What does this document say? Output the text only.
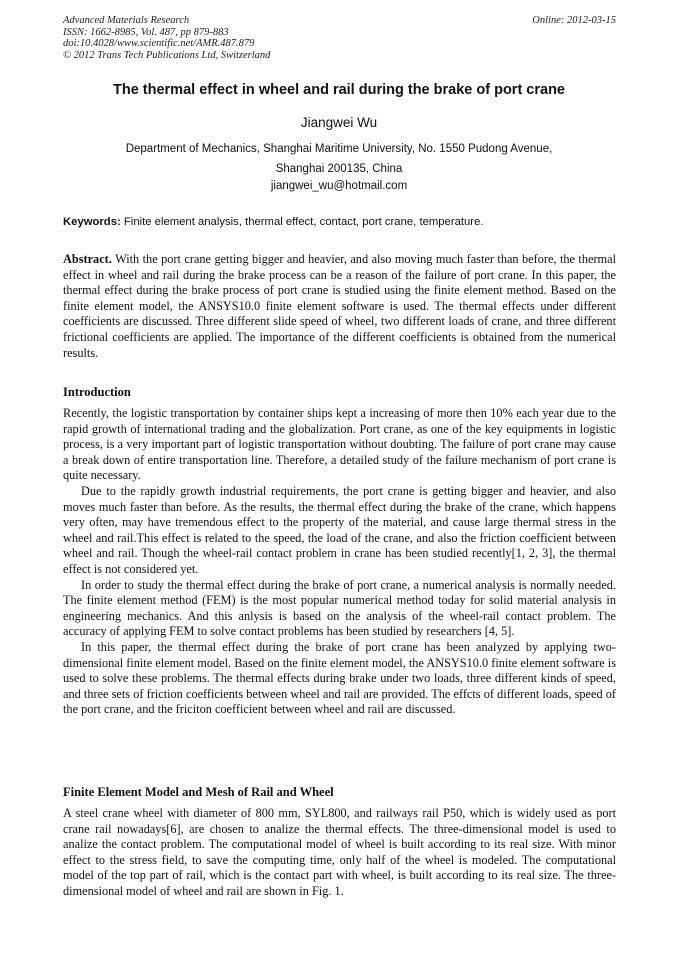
Advanced Materials Research
ISSN: 1662-8985, Vol. 487, pp 879-883
doi:10.4028/www.scientific.net/AMR.487.879
© 2012 Trans Tech Publications Ltd, Switzerland
Online: 2012-03-15
The thermal effect in wheel and rail during the brake of port crane
Jiangwei Wu
Department of Mechanics, Shanghai Maritime University, No. 1550 Pudong Avenue,
Shanghai 200135, China
jiangwei_wu@hotmail.com
Keywords: Finite element analysis, thermal effect, contact, port crane, temperature.
Abstract. With the port crane getting bigger and heavier, and also moving much faster than before, the thermal effect in wheel and rail during the brake process can be a reason of the failure of port crane. In this paper, the thermal effect during the brake process of port crane is studied using the finite element method. Based on the finite element model, the ANSYS10.0 finite element software is used. The thermal effects under different coefficients are discussed. Three different slide speed of wheel, two different loads of crane, and three different frictional coefficients are applied. The importance of the different coefficients is obtained from the numerical results.
Introduction

Recently, the logistic transportation by container ships kept a increasing of more then 10% each year due to the rapid growth of international trading and the globalization. Port crane, as one of the key equipments in logistic process, is a very important part of logistic transportation without doubting. The failure of port crane may cause a break down of entire transportation line. Therefore, a detailed study of the failure mechanism of port crane is quite necessary.

Due to the rapidly growth industrial requirements, the port crane is getting bigger and heavier, and also moves much faster than before. As the results, the thermal effect during the brake of the crane, which happens very often, may have tremendous effect to the property of the material, and cause large thermal stress in the wheel and rail.This effect is related to the speed, the load of the crane, and also the friction coefficient between wheel and rail. Though the wheel-rail contact problem in crane has been studied recently[1, 2, 3], the thermal effect is not considered yet.

In order to study the thermal effect during the brake of port crane, a numerical analysis is normally needed. The finite element method (FEM) is the most popular numerical method today for solid material analysis in engineering mechanics. And this anlysis is based on the analysis of the wheel-rail contact problem. The accuracy of applying FEM to solve contact problems has been studied by researchers [4, 5].

In this paper, the thermal effect during the brake of port crane has been analyzed by applying two-dimensional finite element model. Based on the finite element model, the ANSYS10.0 finite element software is used to solve these problems. The thermal effects during brake under two loads, three different kinds of speed, and three sets of friction coefficients between wheel and rail are provided. The effcts of different loads, speed of the port crane, and the friciton coefficient between wheel and rail are discussed.

Finite Element Model and Mesh of Rail and Wheel

A steel crane wheel with diameter of 800 mm, SYL800, and railways rail P50, which is widely used as port crane rail nowadays[6], are chosen to analize the thermal effects. The three-dimensional model is used to analize the contact problem. The computational model of wheel is built according to its real size. With minor effect to the stress field, to save the computing time, only half of the wheel is modeled. The computational model of the top part of rail, which is the contact part with wheel, is built according to its real size. The three-dimensional model of wheel and rail are shown in Fig. 1.
